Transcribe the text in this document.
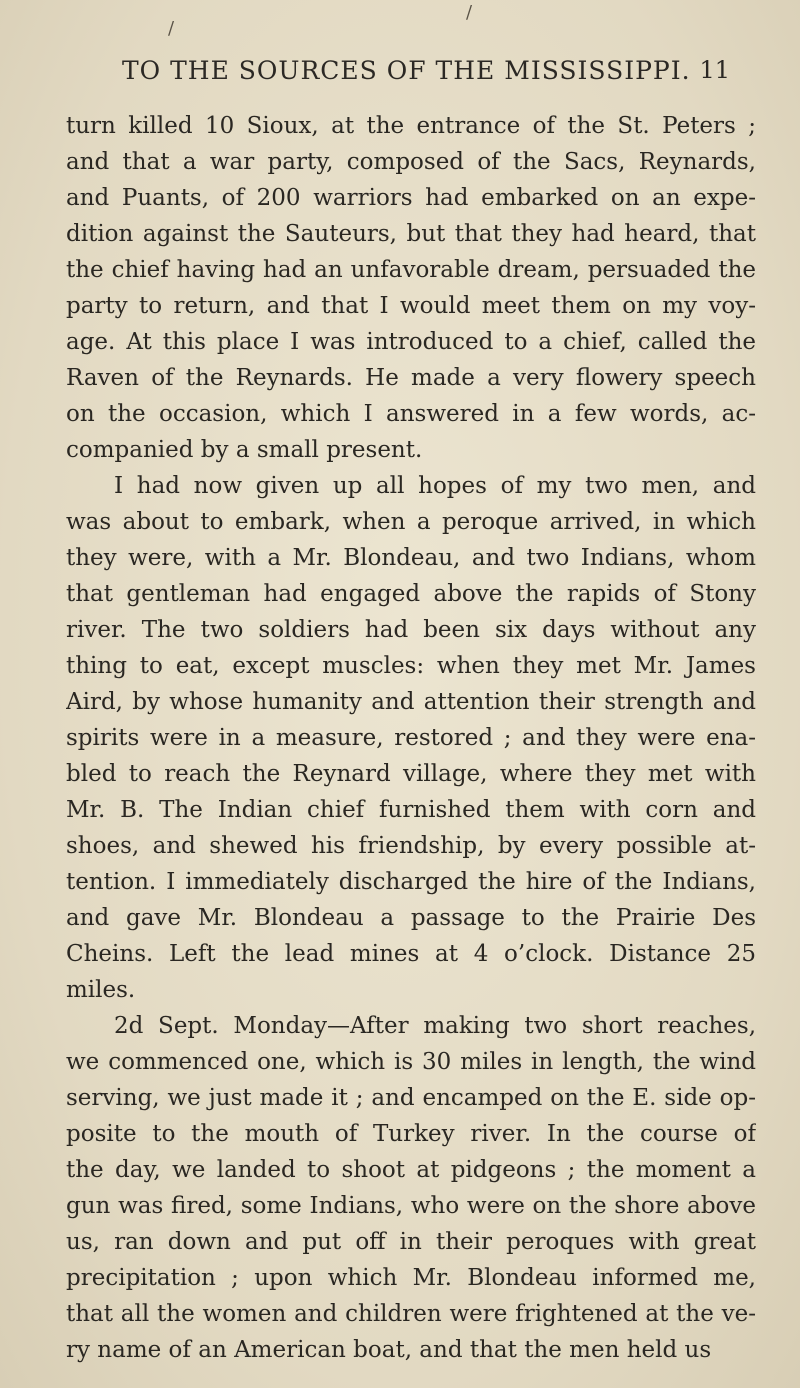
/
/
TO THE SOURCES OF THE MISSISSIPPI. 11
turn killed 10 Sioux, at the entrance of the St. Peters ;
and that a war party, composed of the Sacs, Reynards,
and Puants, of 200 warriors had embarked on an expe-
dition against the Sauteurs, but that they had heard, that
the chief having had an unfavorable dream, persuaded the
party to return, and that I would meet them on my voy-
age. At this place I was introduced to a chief, called the
Raven of the Reynards. He made a very flowery speech
on the occasion, which I answered in a few words, ac-
companied by a small present.
I had now given up all hopes of my two men, and
was about to embark, when a peroque arrived, in which
they were, with a Mr. Blondeau, and two Indians, whom
that gentleman had engaged above the rapids of Stony
river. The two soldiers had been six days without any
thing to eat, except muscles: when they met Mr. James
Aird, by whose humanity and attention their strength and
spirits were in a measure, restored ; and they were ena-
bled to reach the Reynard village, where they met with
Mr. B. The Indian chief furnished them with corn and
shoes, and shewed his friendship, by every possible at-
tention. I immediately discharged the hire of the Indians,
and gave Mr. Blondeau a passage to the Prairie Des
Cheins. Left the lead mines at 4 o’clock. Distance 25
miles.
2d Sept. Monday—After making two short reaches,
we commenced one, which is 30 miles in length, the wind
serving, we just made it ; and encamped on the E. side op-
posite to the mouth of Turkey river. In the course of
the day, we landed to shoot at pidgeons ; the moment a
gun was fired, some Indians, who were on the shore above
us, ran down and put off in their peroques with great
precipitation ; upon which Mr. Blondeau informed me,
that all the women and children were frightened at the ve-
ry name of an American boat, and that the men held us
